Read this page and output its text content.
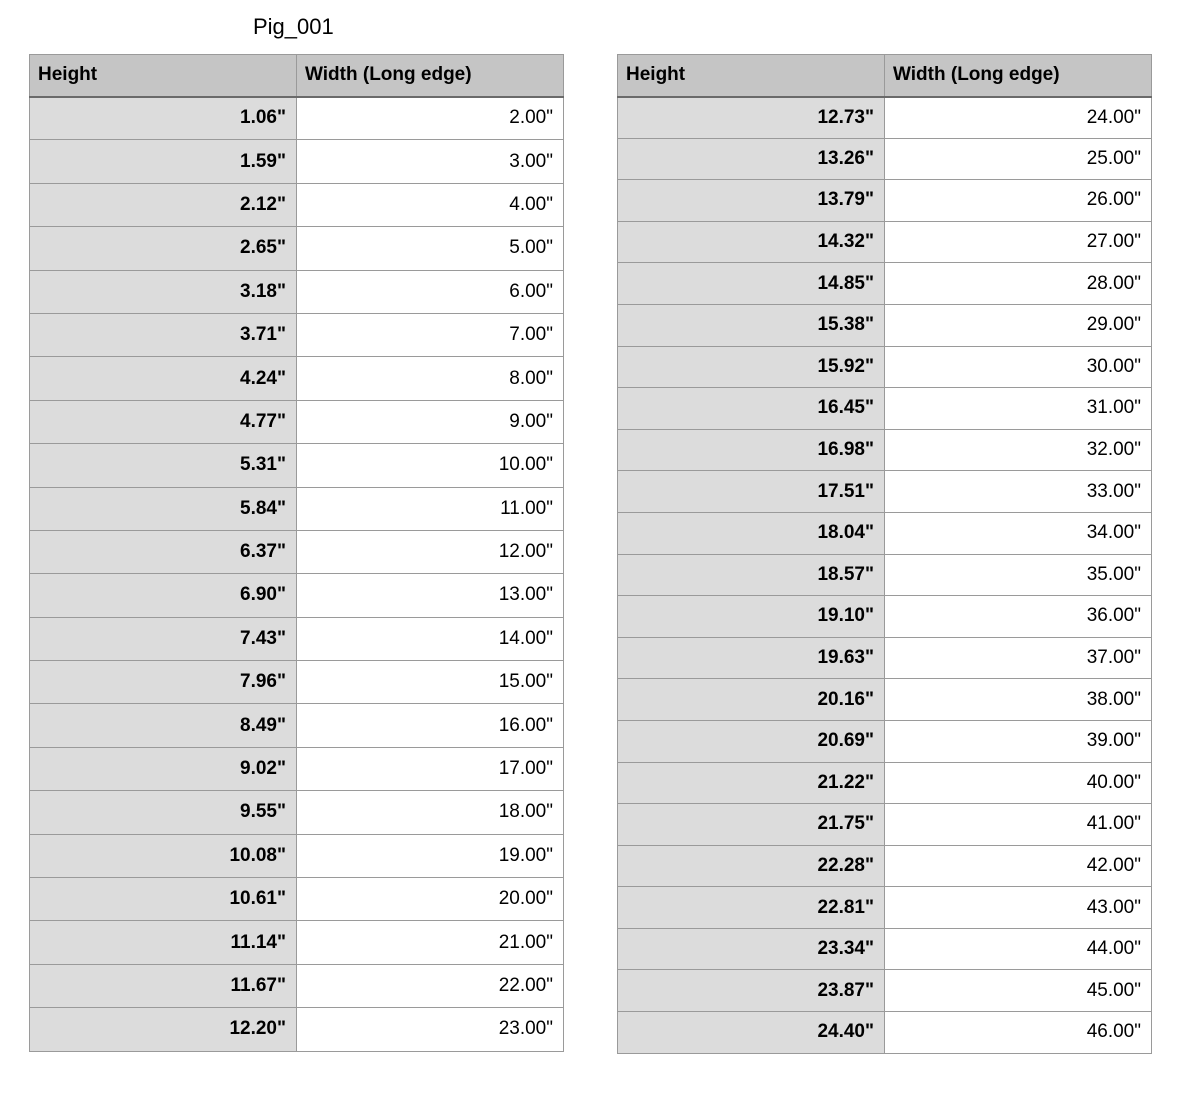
Pig_001
Height	Width (Long edge)
1.06"	2.00"
1.59"	3.00"
2.12"	4.00"
2.65"	5.00"
3.18"	6.00"
3.71"	7.00"
4.24"	8.00"
4.77"	9.00"
5.31"	10.00"
5.84"	11.00"
6.37"	12.00"
6.90"	13.00"
7.43"	14.00"
7.96"	15.00"
8.49"	16.00"
9.02"	17.00"
9.55"	18.00"
10.08"	19.00"
10.61"	20.00"
11.14"	21.00"
11.67"	22.00"
12.20"	23.00"
Height	Width (Long edge)
12.73"	24.00"
13.26"	25.00"
13.79"	26.00"
14.32"	27.00"
14.85"	28.00"
15.38"	29.00"
15.92"	30.00"
16.45"	31.00"
16.98"	32.00"
17.51"	33.00"
18.04"	34.00"
18.57"	35.00"
19.10"	36.00"
19.63"	37.00"
20.16"	38.00"
20.69"	39.00"
21.22"	40.00"
21.75"	41.00"
22.28"	42.00"
22.81"	43.00"
23.34"	44.00"
23.87"	45.00"
24.40"	46.00"
